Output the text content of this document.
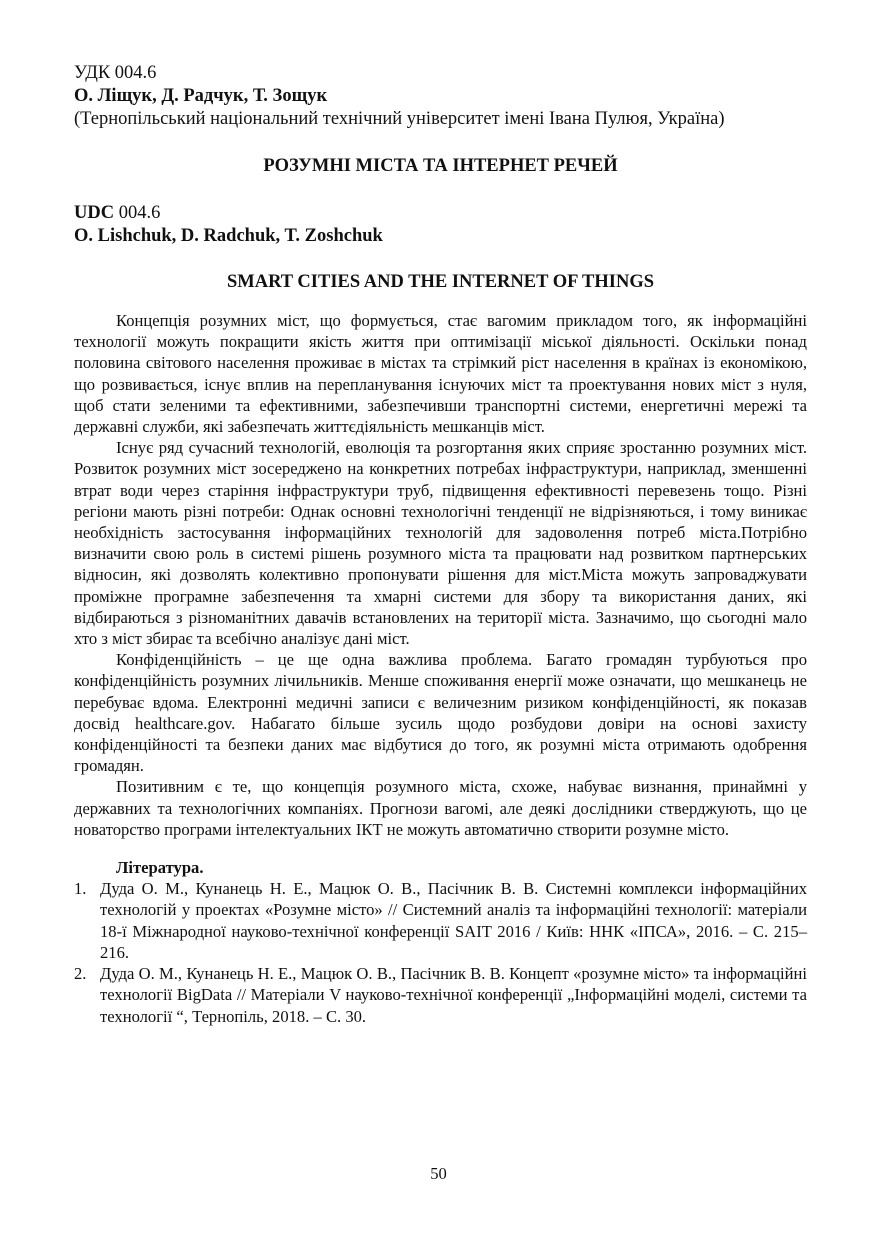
УДК 004.6
О. Ліщук, Д. Радчук, Т. Зощук
(Тернопільський національний технічний університет імені Івана Пулюя, Україна)
РОЗУМНІ МІСТА ТА ІНТЕРНЕТ РЕЧЕЙ
UDC 004.6
O. Lishchuk, D. Radchuk, T. Zoshchuk
SMART CITIES AND THE INTERNET OF THINGS

Концепція розумних міст, що формується, стає вагомим прикладом того, як інформаційні технології можуть покращити якість життя при оптимізації міської діяльності. Оскільки понад половина світового населення проживає в містах та стрімкий ріст населення в країнах із економікою, що розвивається, існує вплив на перепланування існуючих міст та проектування нових міст з нуля, щоб стати зеленими та ефективними, забезпечивши транспортні системи, енергетичні мережі та державні служби, які забезпечать життєдіяльність мешканців міст.

Існує ряд сучасний технологій, еволюція та розгортання яких сприяє зростанню розумних міст. Розвиток розумних міст зосереджено на конкретних потребах інфраструктури, наприклад, зменшенні втрат води через старіння інфраструктури труб, підвищення ефективності перевезень тощо. Різні регіони мають різні потреби: Однак основні технологічні тенденції не відрізняються, і тому виникає необхідність застосування інформаційних технологій для задоволення потреб міста.Потрібно визначити свою роль в системі рішень розумного міста та працювати над розвитком партнерських відносин, які дозволять колективно пропонувати рішення для міст.Міста можуть запроваджувати проміжне програмне забезпечення та хмарні системи для збору та використання даних, які відбираються з різноманітних давачів встановлених на території міста. Зазначимо, що сьогодні мало хто з міст збирає та всебічно аналізує дані міст.

Конфіденційність – це ще одна важлива проблема. Багато громадян турбуються про конфіденційність розумних лічильників. Менше споживання енергії може означати, що мешканець не перебуває вдома. Електронні медичні записи є величезним ризиком конфіденційності, як показав досвід healthcare.gov. Набагато більше зусиль щодо розбудови довіри на основі захисту конфіденційності та безпеки даних має відбутися до того, як розумні міста отримають одобрення громадян.

Позитивним є те, що концепція розумного міста, схоже, набуває визнання, принаймні у державних та технологічних компаніях. Прогнози вагомі, але деякі дослідники стверджують, що це новаторство програми інтелектуальних ІКТ не можуть автоматично створити розумне місто.

Література.
1. Дуда О. М., Кунанець Н. Е., Мацюк О. В., Пасічник В. В. Системні комплекси інформаційних технологій у проектах «Розумне місто» // Системний аналіз та інформаційні технології: матеріали 18-ї Міжнародної науково-технічної конференції SAIT 2016 / Київ: ННК «ІПСА», 2016. – С. 215–216.
2. Дуда О. М., Кунанець Н. Е., Мацюк О. В., Пасічник В. В. Концепт «розумне місто» та інформаційні технології BigData // Матеріали V науково-технічної конференції „Інформаційні моделі, системи та технології “, Тернопіль, 2018. – С. 30.
50
